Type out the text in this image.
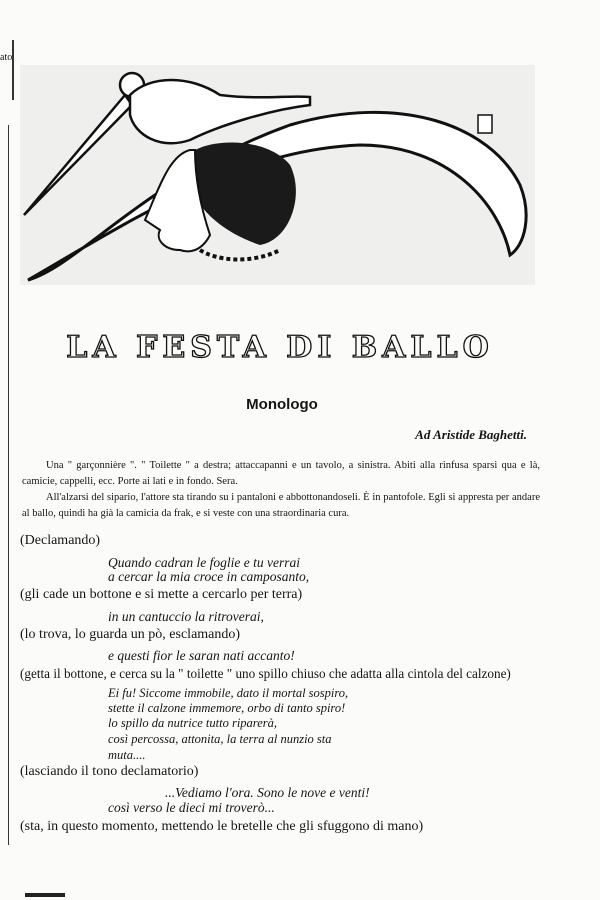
ato
LA FESTA DI BALLO
Monologo
Ad Aristide Baghetti.
Una " garçonnière ". " Toilette " a destra; attaccapanni e un tavolo, a sinistra. Abiti alla rinfusa sparsi qua e là, camicie, cappelli, ecc. Porte ai lati e in fondo. Sera.
All'alzarsi del sipario, l'attore sta tirando su i pantaloni e abbottonandoseli. È in pantofole. Egli si appresta per andare al ballo, quindi ha già la camicia da frak, e si veste con una straordinaria cura.
(Declamando)
Quando cadran le foglie e tu verrai
a cercar la mia croce in camposanto,
(gli cade un bottone e si mette a cercarlo per terra)
in un cantuccio la ritroverai,
(lo trova, lo guarda un pò, esclamando)
e questi fior le saran nati accanto!
(getta il bottone, e cerca su la " toilette " uno spillo chiuso che adatta alla cintola del calzone)
Ei fu! Siccome immobile, dato il mortal sospiro,
stette il calzone immemore, orbo di tanto spiro!
lo spillo da nutrice tutto riparerà,
così percossa, attonita, la terra al nunzio sta
muta....
(lasciando il tono declamatorio)
...Vediamo l'ora. Sono le nove e venti!
così verso le dieci mi troverò...
(sta, in questo momento, mettendo le bretelle che gli sfuggono di mano)
